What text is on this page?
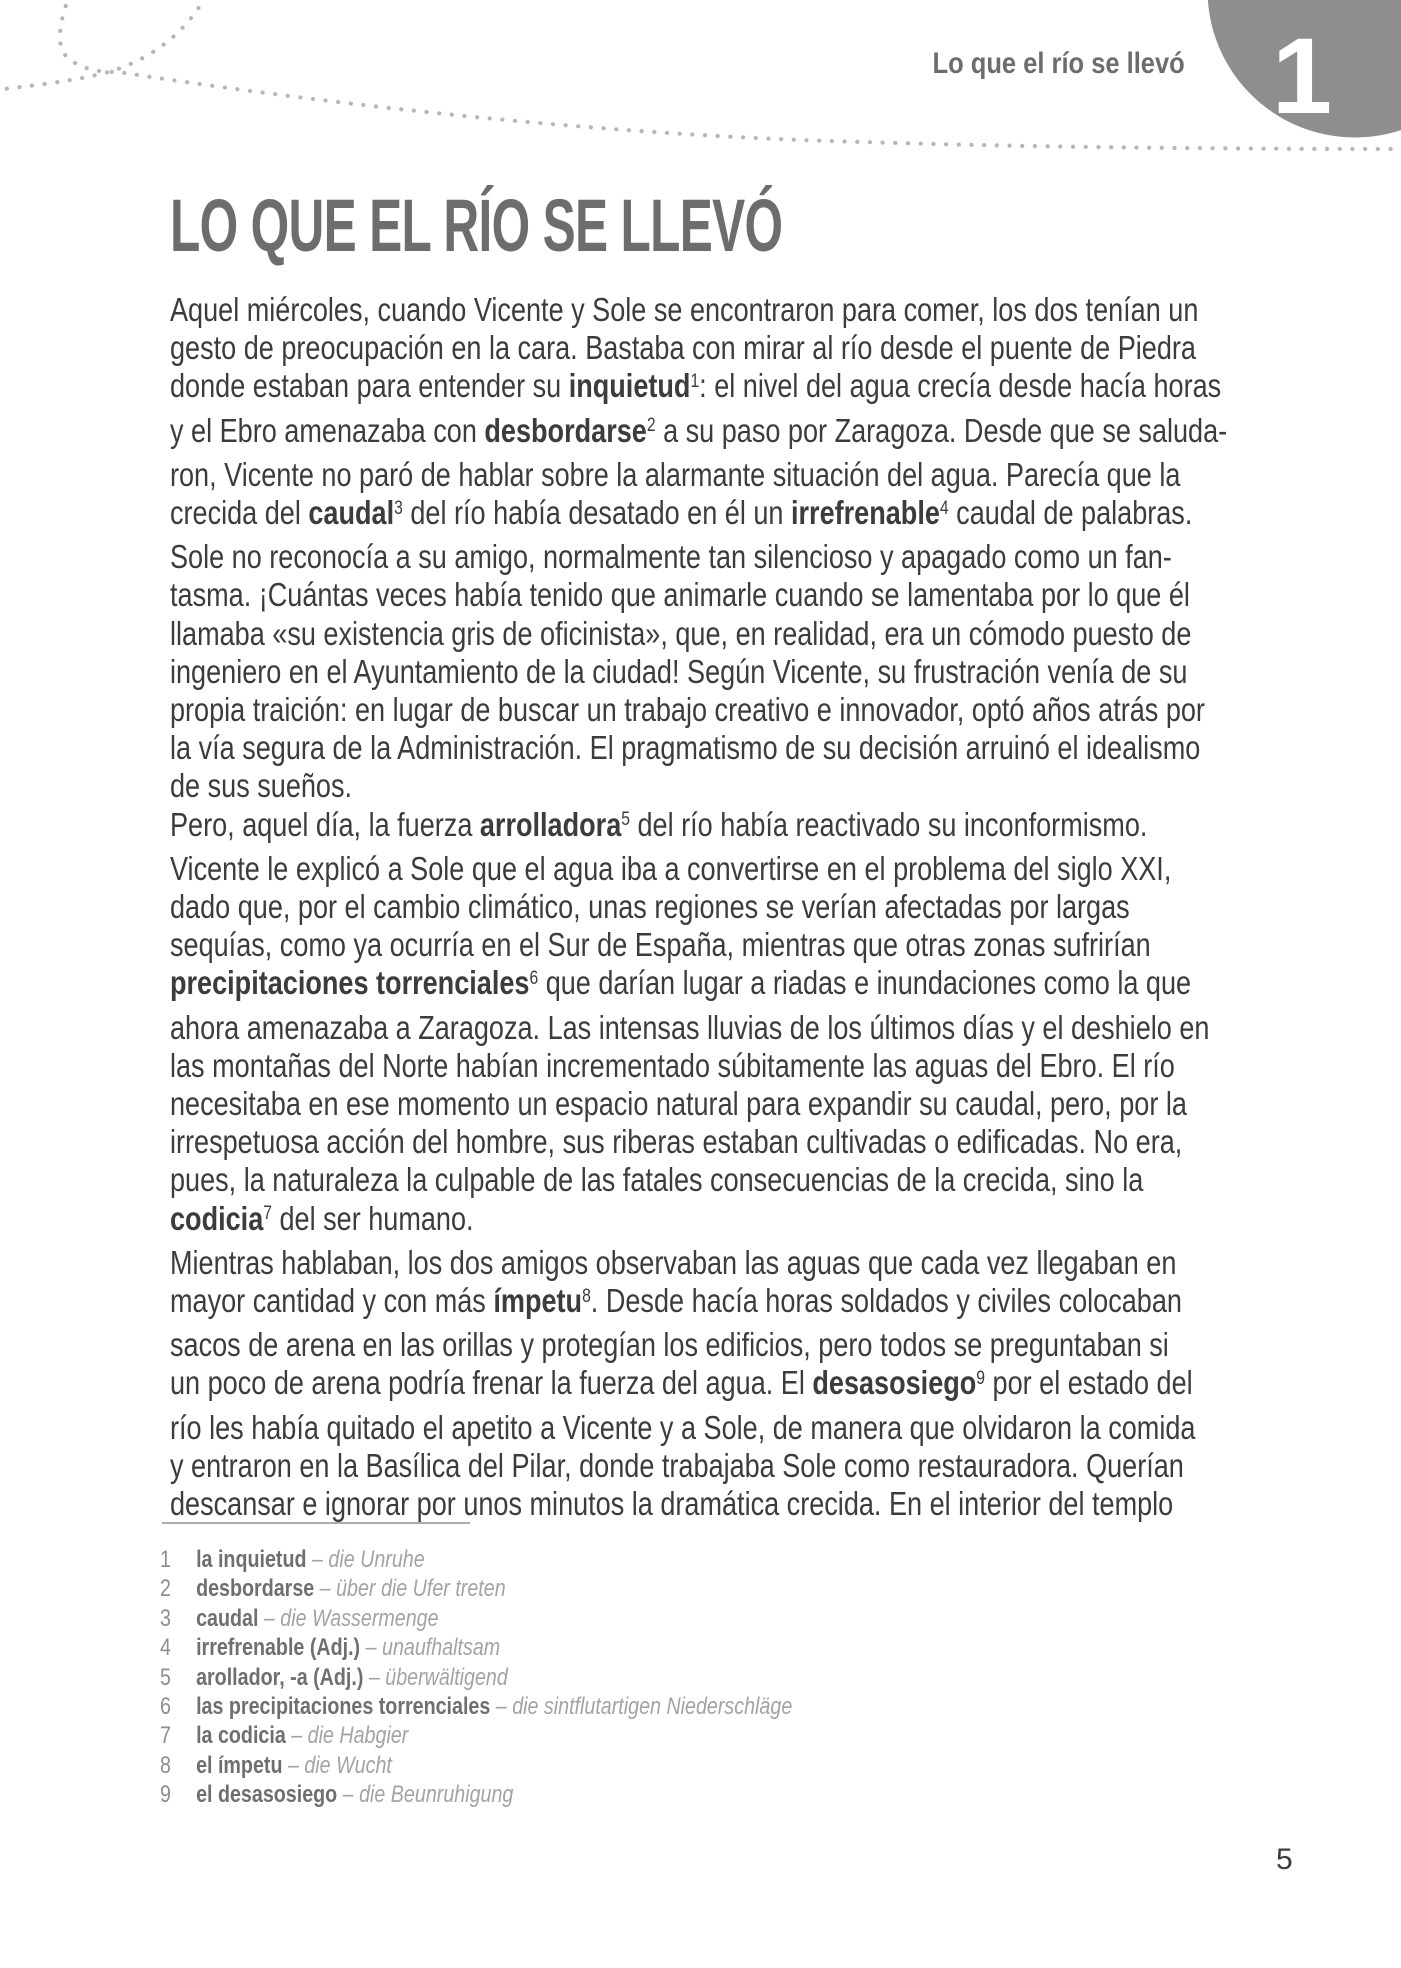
Lo que el río se llevó 1
LO QUE EL RÍO SE LLEVÓ
Aquel miércoles, cuando Vicente y Sole se encontraron para comer, los dos tenían un
gesto de preocupación en la cara. Bastaba con mirar al río desde el puente de Piedra
donde estaban para entender su inquietud$^1$: el nivel del agua crecía desde hacía horas
y el Ebro amenazaba con desbordarse$^2$ a su paso por Zaragoza. Desde que se saluda-
ron, Vicente no paró de hablar sobre la alarmante situación del agua. Parecía que la
crecida del caudal$^3$ del río había desatado en él un irrefrenable$^4$ caudal de palabras.
Sole no reconocía a su amigo, normalmente tan silencioso y apagado como un fan-
tasma. ¡Cuántas veces había tenido que animarle cuando se lamentaba por lo que él
llamaba «su existencia gris de oficinista», que, en realidad, era un cómodo puesto de
ingeniero en el Ayuntamiento de la ciudad! Según Vicente, su frustración venía de su
propia traición: en lugar de buscar un trabajo creativo e innovador, optó años atrás por
la vía segura de la Administración. El pragmatismo de su decisión arruinó el idealismo
de sus sueños.
Pero, aquel día, la fuerza arrolladora$^5$ del río había reactivado su inconformismo.
Vicente le explicó a Sole que el agua iba a convertirse en el problema del siglo XXI,
dado que, por el cambio climático, unas regiones se verían afectadas por largas
sequías, como ya ocurría en el Sur de España, mientras que otras zonas sufrirían
precipitaciones torrenciales$^6$ que darían lugar a riadas e inundaciones como la que
ahora amenazaba a Zaragoza. Las intensas lluvias de los últimos días y el deshielo en
las montañas del Norte habían incrementado súbitamente las aguas del Ebro. El río
necesitaba en ese momento un espacio natural para expandir su caudal, pero, por la
irrespetuosa acción del hombre, sus riberas estaban cultivadas o edificadas. No era,
pues, la naturaleza la culpable de las fatales consecuencias de la crecida, sino la
codicia$^7$ del ser humano.
Mientras hablaban, los dos amigos observaban las aguas que cada vez llegaban en
mayor cantidad y con más ímpetu$^8$. Desde hacía horas soldados y civiles colocaban
sacos de arena en las orillas y protegían los edificios, pero todos se preguntaban si
un poco de arena podría frenar la fuerza del agua. El desasosiego$^9$ por el estado del
río les había quitado el apetito a Vicente y a Sole, de manera que olvidaron la comida
y entraron en la Basílica del Pilar, donde trabajaba Sole como restauradora. Querían
descansar e ignorar por unos minutos la dramática crecida. En el interior del templo
1 la inquietud – die Unruhe
2 desbordarse – über die Ufer treten
3 caudal – die Wassermenge
4 irrefrenable (Adj.) – unaufhaltsam
5 arollador, -a (Adj.) – überwältigend
6 las precipitaciones torrenciales – die sintflutartigen Niederschläge
7 la codicia – die Habgier
8 el ímpetu – die Wucht
9 el desasosiego – die Beunruhigung
5
